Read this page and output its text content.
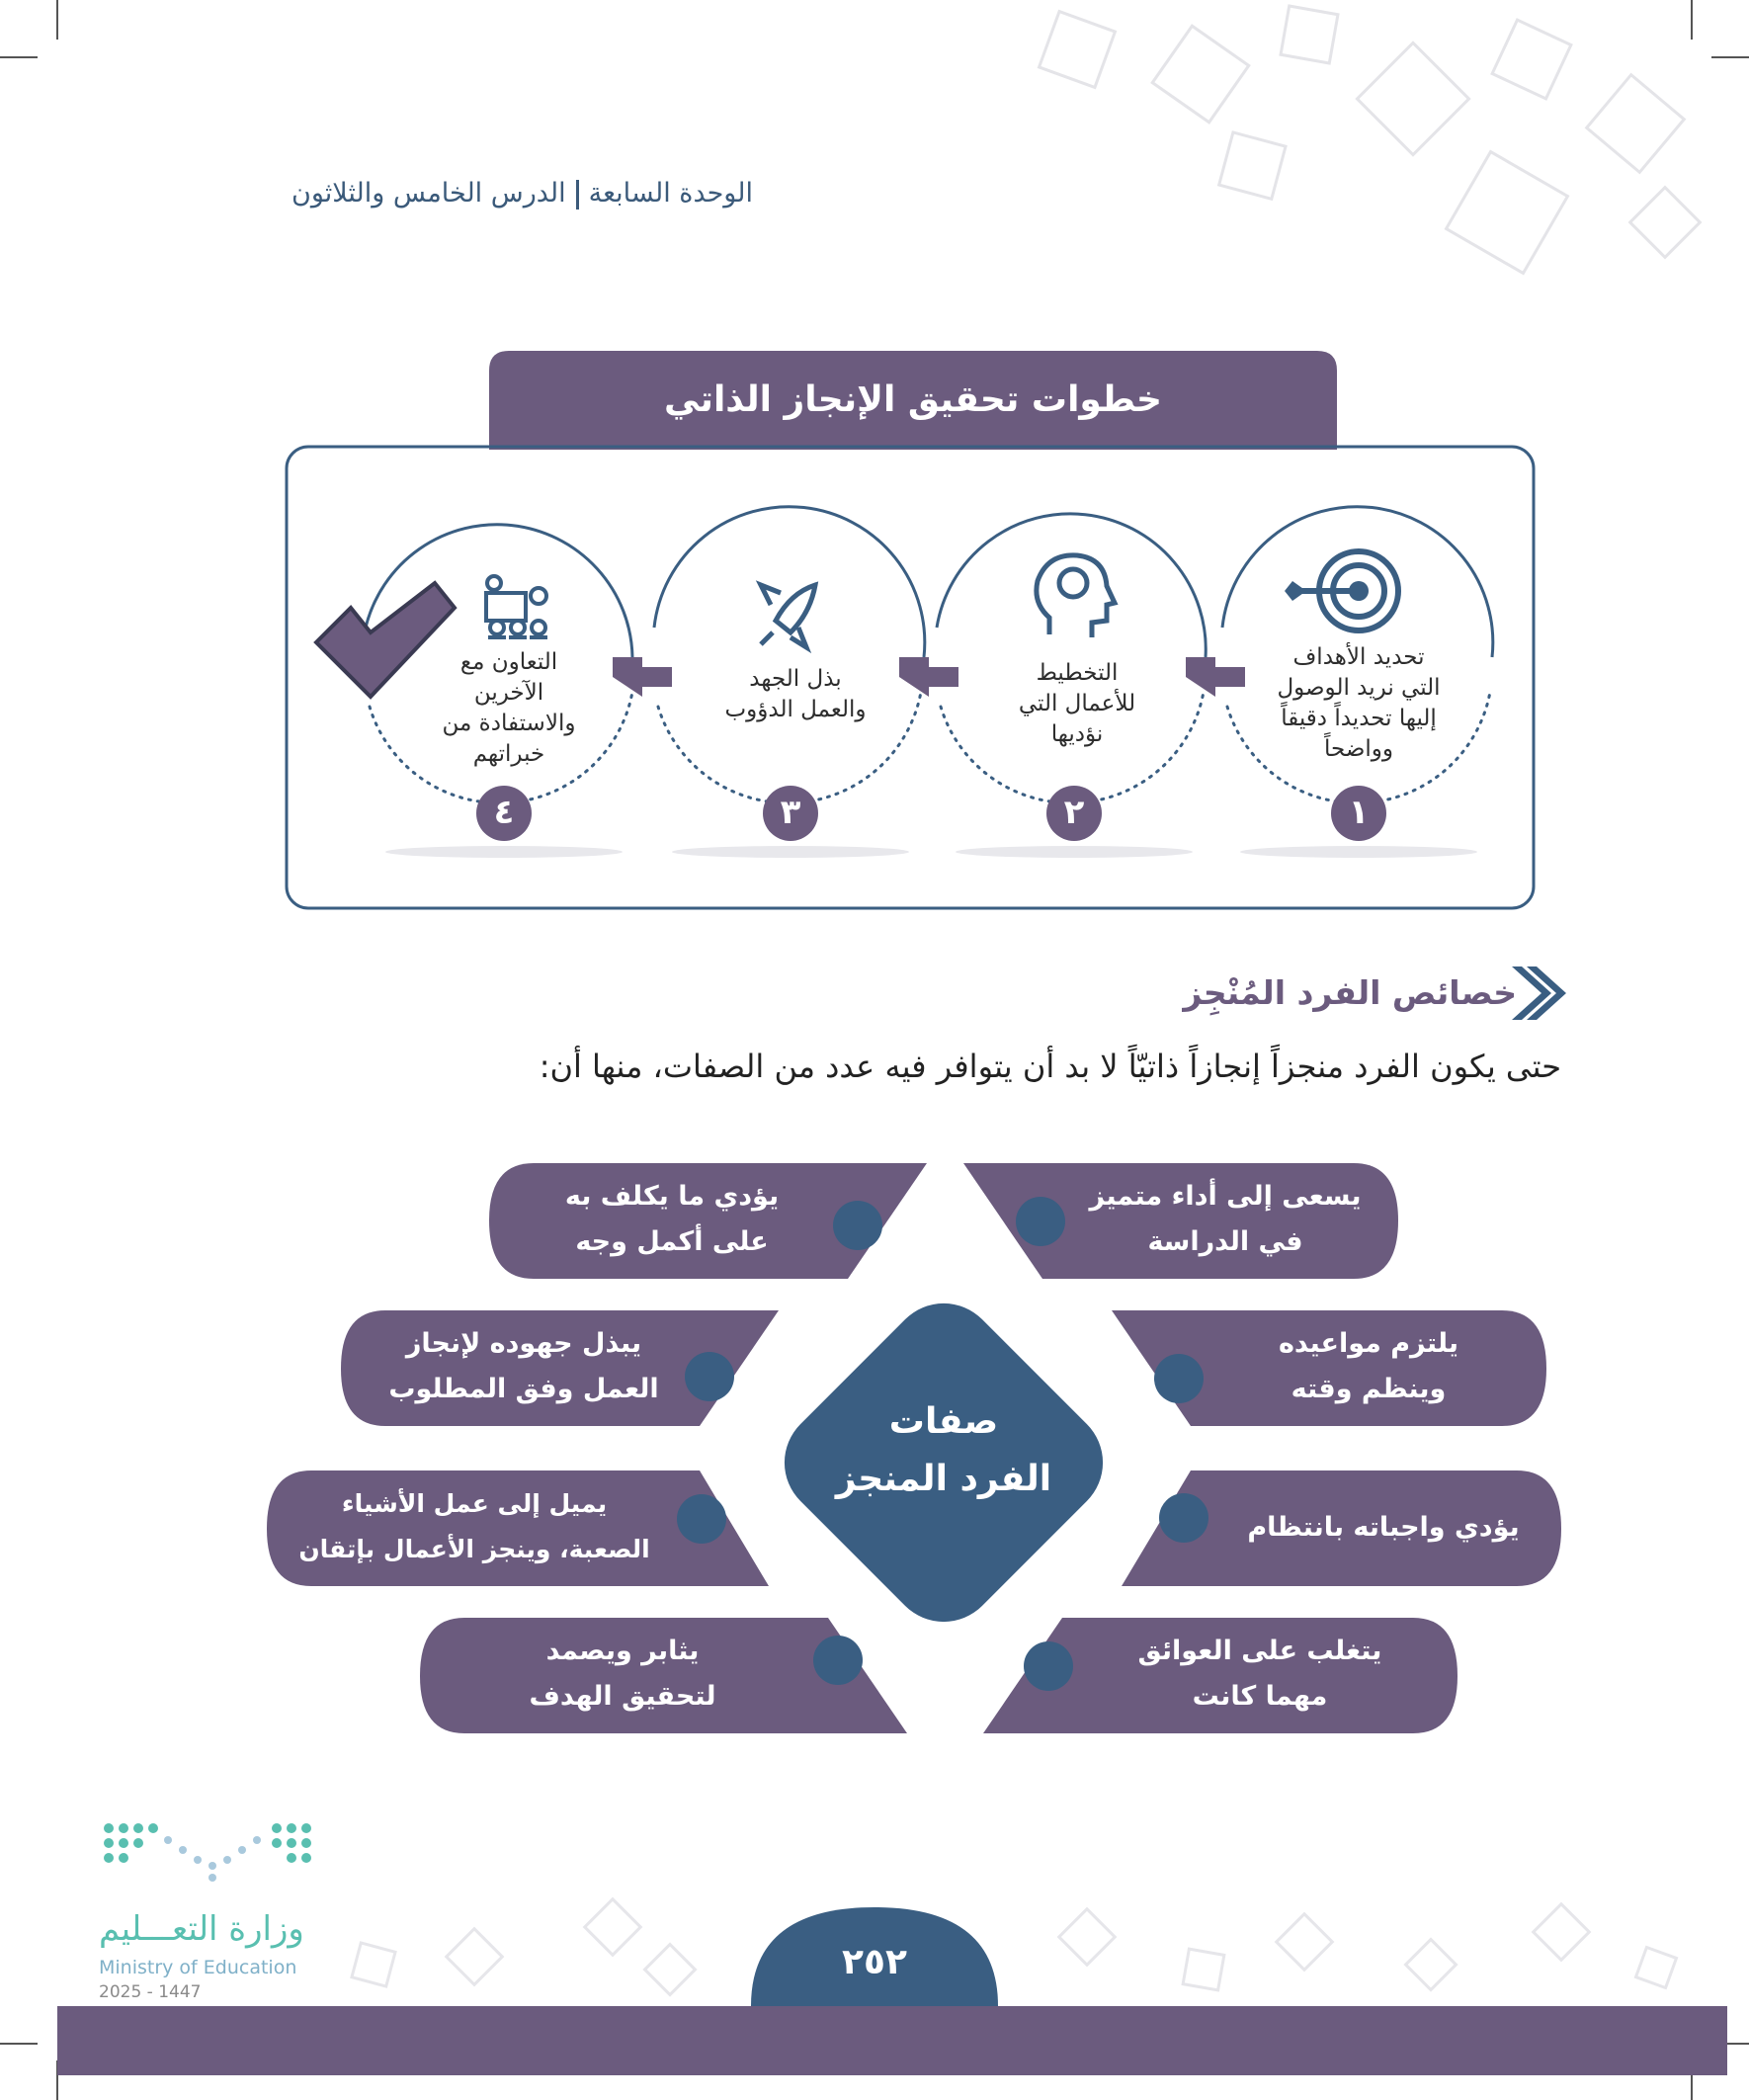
الوحدة السابعةالدرس الخامس والثلاثون
خطوات تحقيق الإنجاز الذاتي
تحديد الأهداف
التي نريد الوصول
إليها تحديداً دقيقاً
وواضحاً
١
التخطيط
للأعمال التي
نؤديها
٢
بذل الجهد
والعمل الدؤوب
٣
التعاون مع
الآخرين
والاستفادة من
خبراتهم
٤
خصائص الفرد المُنْجِز
حتى يكون الفرد منجزاً إنجازاً ذاتيّاً لا بد أن يتوافر فيه عدد من الصفات، منها أن:
يسعى إلى أداء متميز
في الدراسة
يلتزم مواعيده
وينظم وقته
يؤدي واجباته بانتظام
يتغلب على العوائق
مهما كانت
يؤدي ما يكلف به
على أكمل وجه
يبذل جهوده لإنجاز
العمل وفق المطلوب
يميل إلى عمل الأشياء
الصعبة، وينجز الأعمال بإتقان
يثابر ويصمد
لتحقيق الهدف
صفات
الفرد المنجز
٢٥٢
وزارة التعـــليم
Ministry of Education
2025 - 1447
